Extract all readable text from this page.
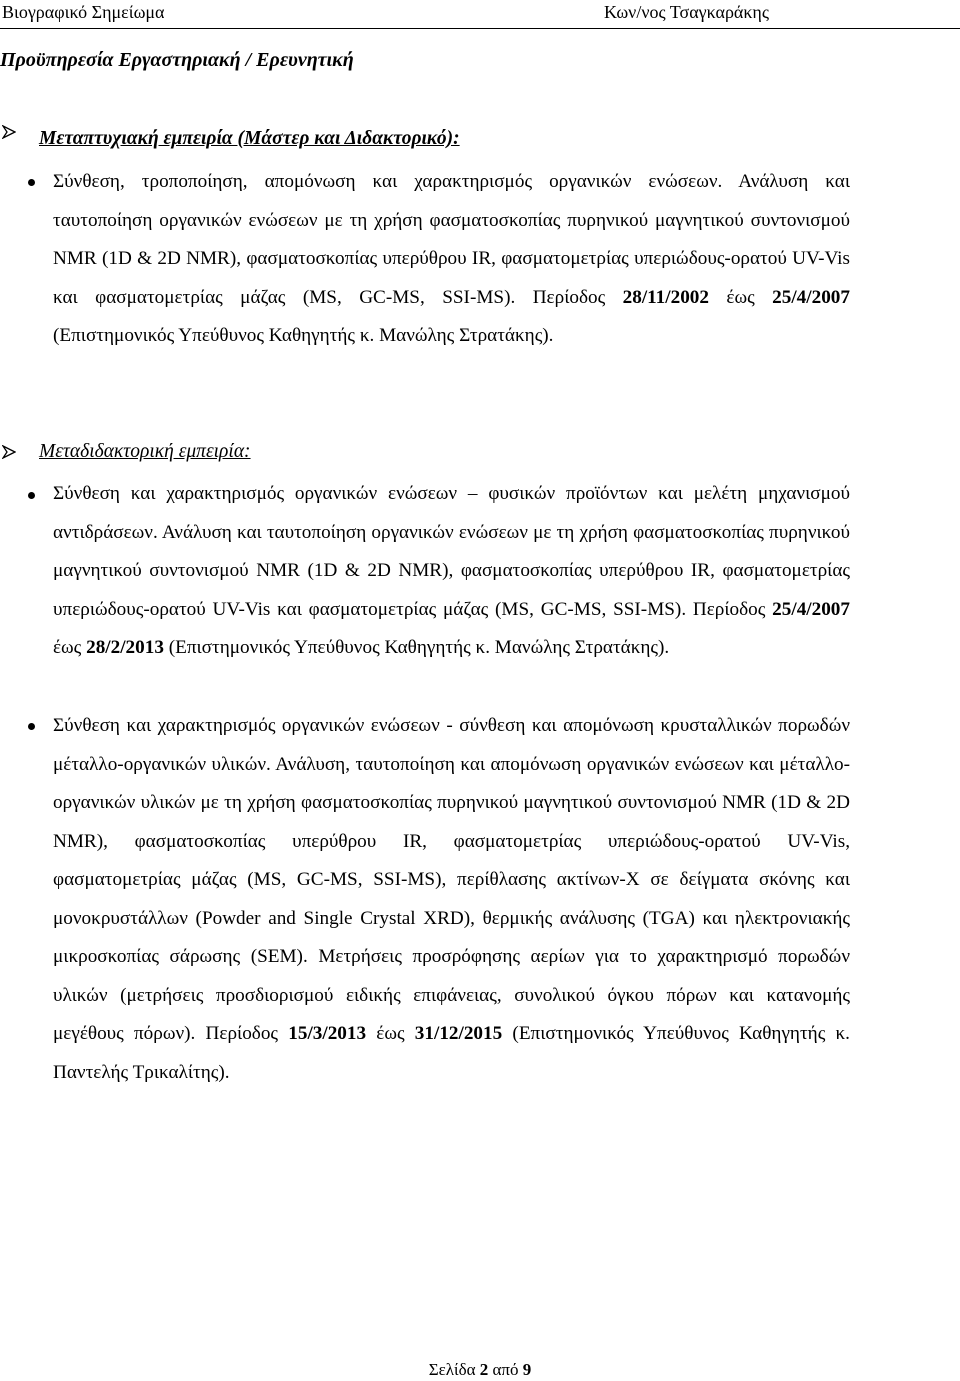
Βιογραφικό Σημείωμα	Κων/νος Τσαγκαράκης
Προϋπηρεσία Εργαστηριακή / Ερευνητική
Μεταπτυχιακή εμπειρία (Μάστερ και Διδακτορικό):

Σύνθεση, τροποποίηση, απομόνωση και χαρακτηρισμός οργανικών ενώσεων. Ανάλυση και ταυτοποίηση οργανικών ενώσεων με τη χρήση φασματοσκοπίας πυρηνικού μαγνητικού συντονισμού NMR (1D & 2D NMR), φασματοσκοπίας υπερύθρου IR, φασματομετρίας υπεριώδους-ορατού UV-Vis και φασματομετρίας μάζας (MS, GC-MS, SSI-MS). Περίοδος 28/11/2002 έως 25/4/2007 (Επιστημονικός Υπεύθυνος Καθηγητής κ. Μανώλης Στρατάκης).

Μεταδιδακτορική εμπειρία:

Σύνθεση και χαρακτηρισμός οργανικών ενώσεων – φυσικών προϊόντων και μελέτη μηχανισμού αντιδράσεων. Ανάλυση και ταυτοποίηση οργανικών ενώσεων με τη χρήση φασματοσκοπίας πυρηνικού μαγνητικού συντονισμού NMR (1D & 2D NMR), φασματοσκοπίας υπερύθρου IR, φασματομετρίας υπεριώδους-ορατού UV-Vis και φασματομετρίας μάζας (MS, GC-MS, SSI-MS). Περίοδος 25/4/2007 έως 28/2/2013 (Επιστημονικός Υπεύθυνος Καθηγητής κ. Μανώλης Στρατάκης).

Σύνθεση και χαρακτηρισμός οργανικών ενώσεων - σύνθεση και απομόνωση κρυσταλλικών πορωδών μέταλλο-οργανικών υλικών. Ανάλυση, ταυτοποίηση και απομόνωση οργανικών ενώσεων και μέταλλο-οργανικών υλικών με τη χρήση φασματοσκοπίας πυρηνικού μαγνητικού συντονισμού NMR (1D & 2D NMR), φασματοσκοπίας υπερύθρου IR, φασματομετρίας υπεριώδους-ορατού UV-Vis, φασματομετρίας μάζας (MS, GC-MS, SSI-MS), περίθλασης ακτίνων-Χ σε δείγματα σκόνης και μονοκρυστάλλων (Powder and Single Crystal XRD), θερμικής ανάλυσης (TGA) και ηλεκτρονιακής μικροσκοπίας σάρωσης (SEM). Μετρήσεις προσρόφησης αερίων για το χαρακτηρισμό πορωδών υλικών (μετρήσεις προσδιορισμού ειδικής επιφάνειας, συνολικού όγκου πόρων και κατανομής μεγέθους πόρων). Περίοδος 15/3/2013 έως 31/12/2015 (Επιστημονικός Υπεύθυνος Καθηγητής κ. Παντελής Τρικαλίτης).

Σελίδα 2 από 9
